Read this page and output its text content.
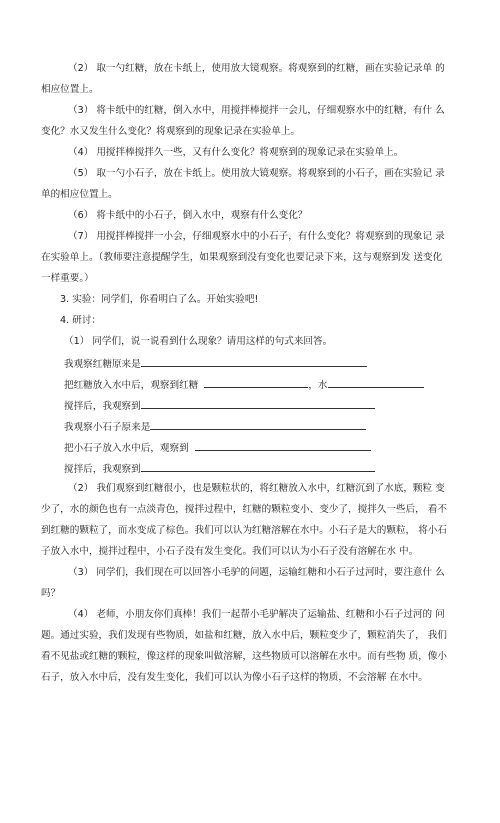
（2） 取一勺红糖，放在卡纸上，使用放大镜观察。将观察到的红糖，画在实验记录单 的
相应位置上。
（3） 将卡纸中的红糖，倒入水中，用搅拌棒搅拌一会儿，仔细观察水中的红糖，有什 么
变化？水又发生什么变化？将观察到的现象记录在实验单上。
（4） 用搅拌棒搅拌久一些，又有什么变化？将观察到的现象记录在实验单上。
（5） 取一勺小石子，放在卡纸上。使用放大镜观察。将观察到的小石子，画在实验记 录
单的相应位置上。
（6） 将卡纸中的小石子，倒入水中，观察有什么变化？
（7） 用搅拌棒搅拌一小会，仔细观察水中的小石子，有什么变化？将观察到的现象记 录
在实验单上。（教师要注意提醒学生，如果观察到没有变化也要记录下来，这与观察到发 送变化
一样重要。）
3. 实验：同学们，你看明白了么。开始实验吧!
4. 研讨：
（1） 同学们，说一说看到什么现象？请用这样的句式来回答。
我观察红糖原来是
把红糖放入水中后，观察到红糖	，水
搅拌后，我观察到
我观察小石子原来是
把小石子放入水中后，观察到
搅拌后，我观察到
（2） 我们观察到红糖很小，也是颗粒状的，将红糖放入水中，红糖沉到了水底，颗粒 变
少了，水的颜色也有一点淡青色，搅拌过程中，红糖的颗粒变小、变少了，搅拌久一些后， 看不
到红糖的颗粒了，而水变成了棕色。我们可以认为红糖溶解在水中。小石子是大的颗粒， 将小石
子放入水中，搅拌过程中，小石子没有发生变化。我们可以认为小石子没有溶解在水 中。
（3） 同学们，我们现在可以回答小毛驴的问题，运输红糖和小石子过河时，要注意什 么
吗？
（4） 老师，小朋友你们真棒！我们一起帮小毛驴解决了运输盐、红糖和小石子过河的 问
题。通过实验，我们发现有些物质，如盐和红糖，放入水中后，颗粒变少了，颗粒消失了， 我们
看不见盐或红糖的颗粒，像这样的现象叫做溶解，这些物质可以溶解在水中。而有些物 质，像小
石子，放入水中后，没有发生变化，我们可以认为像小石子这样的物质，不会溶解 在水中。
